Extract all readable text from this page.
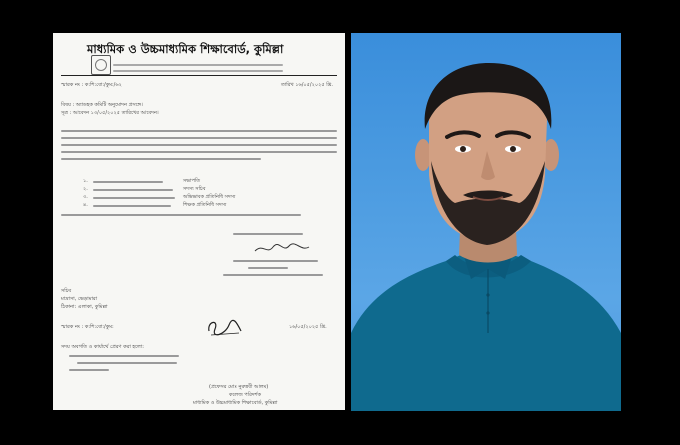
মাধ্যমিক ও উচ্চমাধ্যমিক শিক্ষাবোর্ড, কুমিল্লা
স্মারক নং : ক:শি:বো:/কুম:/৬২	তারিখ ১৬/০৫/২০২৫ খ্রি.
বিষয় : অ্যাডহক কমিটি অনুমোদন প্রসঙ্গে।
সূত্র : আবেদন ১৩/০৫/২০২৫ তারিখের আবেদন।
১.	সভাপতি
২.	সদস্য সচিব
৩.	অভিভাবক প্রতিনিধি সদস্য
৪.	শিক্ষক প্রতিনিধি সদস্য
সচিব
মাদ্রাসা, ভেড়ামারা
ঠিকানা: এলাকা, কুমিল্লা
স্মারক নং : ক:শি:বো:/কুম:	১৬/০৫/২০২৫ খ্রি.
সদয় অবগতি ও কার্যার্থে প্রেরণ করা হলো:
(প্রফেসর মোঃ নুরুন্নবী আলম)
কলেজ পরিদর্শক
মাধ্যমিক ও উচ্চমাধ্যমিক শিক্ষাবোর্ড, কুমিল্লা
